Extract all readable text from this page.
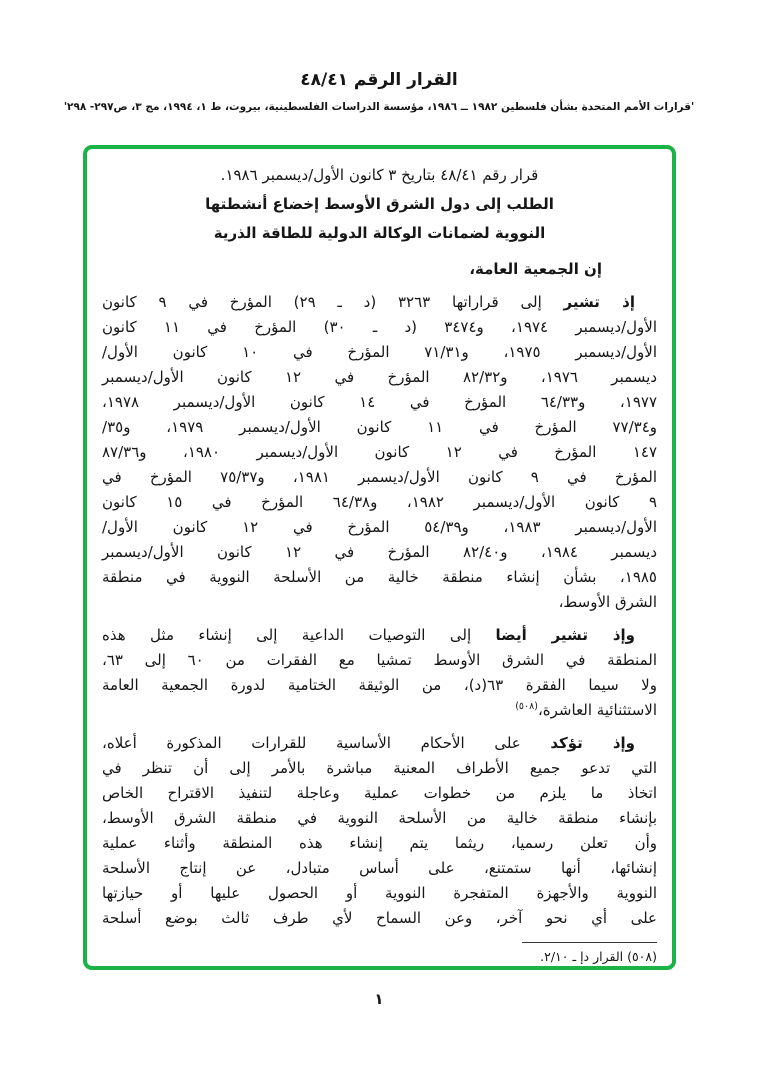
القرار الرقم ٤٨/٤١
'قرارات الأمم المتحدة بشأن فلسطين ١٩٨٢ ــ ١٩٨٦، مؤسسة الدراسات الفلسطينية، بيروت، ط ١، ١٩٩٤، مج ٣، ص٢٩٧- ٢٩٨'
قرار رقم ٤٨/٤١ بتاريخ ٣ كانون الأول/ديسمبر ١٩٨٦.
الطلب إلى دول الشرق الأوسط إخضاع أنشطتها
النووية لضمانات الوكالة الدولية للطاقة الذرية
إن الجمعية العامة،
إذ تشير إلى قراراتها ٣٢٦٣ (د ـ ٢٩) المؤرخ في ٩ كانون
الأول/ديسمبر ١٩٧٤، و٣٤٧٤ (د ـ ٣٠) المؤرخ في ١١ كانون
الأول/ديسمبر ١٩٧٥، و٧١/٣١ المؤرخ في ١٠ كانون الأول/
ديسمبر ١٩٧٦، و٨٢/٣٢ المؤرخ في ١٢ كانون الأول/ديسمبر
١٩٧٧، و٦٤/٣٣ المؤرخ في ١٤ كانون الأول/ديسمبر ١٩٧٨،
و٧٧/٣٤ المؤرخ في ١١ كانون الأول/ديسمبر ١٩٧٩، و٣٥/
١٤٧ المؤرخ في ١٢ كانون الأول/ديسمبر ١٩٨٠، و٨٧/٣٦
المؤرخ في ٩ كانون الأول/ديسمبر ١٩٨١، و٧٥/٣٧ المؤرخ في
٩ كانون الأول/ديسمبر ١٩٨٢، و٦٤/٣٨ المؤرخ في ١٥ كانون
الأول/ديسمبر ١٩٨٣، و٥٤/٣٩ المؤرخ في ١٢ كانون الأول/
ديسمبر ١٩٨٤، و٨٢/٤٠ المؤرخ في ١٢ كانون الأول/ديسمبر
١٩٨٥، بشأن إنشاء منطقة خالية من الأسلحة النووية في منطقة
الشرق الأوسط،
وإذ تشير أيضا إلى التوصيات الداعية إلى إنشاء مثل هذه
المنطقة في الشرق الأوسط تمشيا مع الفقرات من ٦٠ إلى ٦٣،
ولا سيما الفقرة ٦٣(د)، من الوثيقة الختامية لدورة الجمعية العامة
الاستثنائية العاشرة،$^{(٥٠٨)}$
وإذ تؤكد على الأحكام الأساسية للقرارات المذكورة أعلاه،
التي تدعو جميع الأطراف المعنية مباشرة بالأمر إلى أن تنظر في
اتخاذ ما يلزم من خطوات عملية وعاجلة لتنفيذ الاقتراح الخاص
بإنشاء منطقة خالية من الأسلحة النووية في منطقة الشرق الأوسط،
وأن تعلن رسميا، ريثما يتم إنشاء هذه المنطقة وأثناء عملية
إنشائها، أنها ستمتنع، على أساس متبادل، عن إنتاج الأسلحة
النووية والأجهزة المتفجرة النووية أو الحصول عليها أو حيازتها
على أي نحو آخر، وعن السماح لأي طرف ثالث بوضع أسلحة
(٥٠٨) القرار دإ ـ ٢/١٠.
١
